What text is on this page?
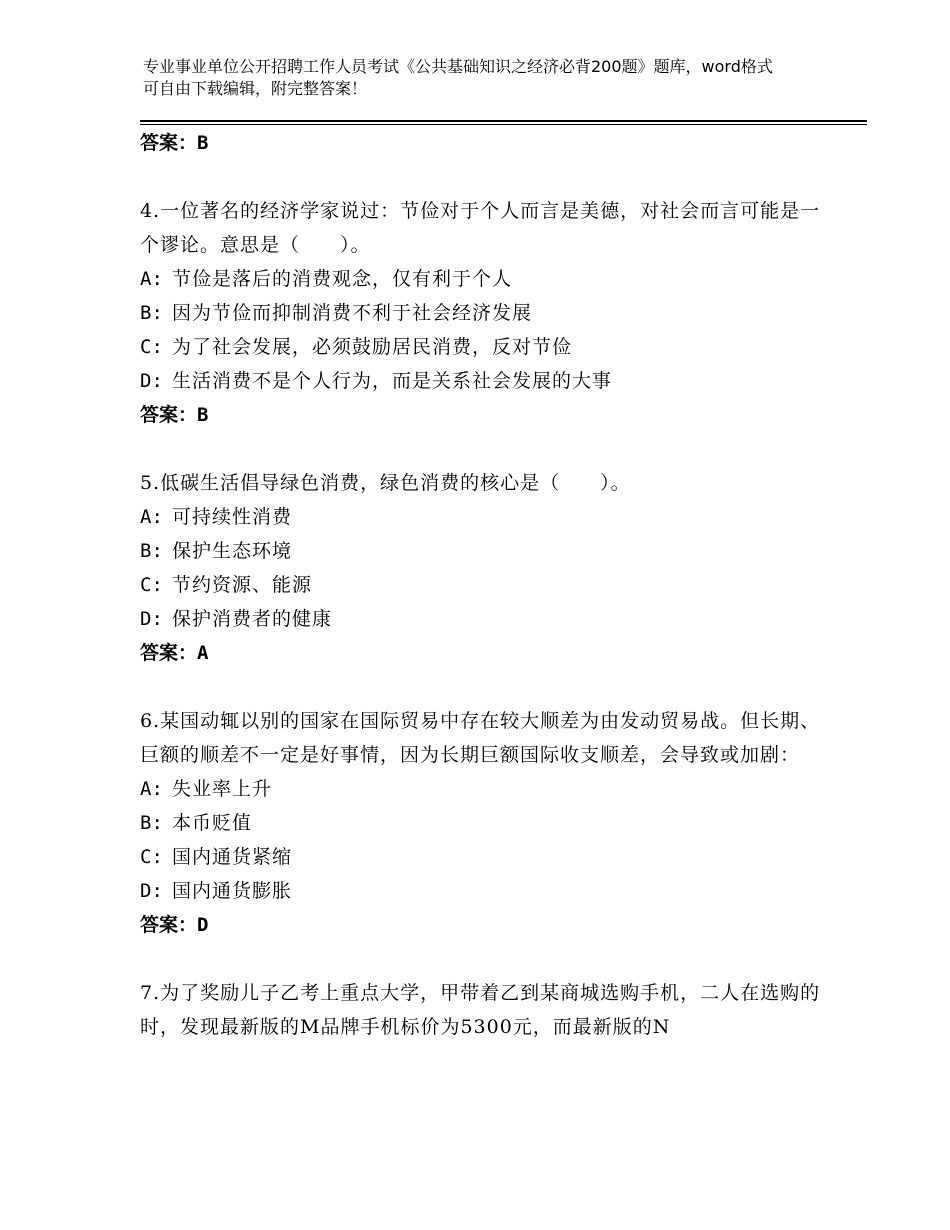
专业事业单位公开招聘工作人员考试《公共基础知识之经济必背200题》题库，word格式可自由下载编辑，附完整答案！

答案：B

4.一位著名的经济学家说过：节俭对于个人而言是美德，对社会而言可能是一个谬论。意思是（　　）。

A: 节俭是落后的消费观念，仅有利于个人

B: 因为节俭而抑制消费不利于社会经济发展

C: 为了社会发展，必须鼓励居民消费，反对节俭

D: 生活消费不是个人行为，而是关系社会发展的大事

答案：B

5.低碳生活倡导绿色消费，绿色消费的核心是（　　）。

A: 可持续性消费

B: 保护生态环境

C: 节约资源、能源

D: 保护消费者的健康

答案：A

6.某国动辄以别的国家在国际贸易中存在较大顺差为由发动贸易战。但长期、巨额的顺差不一定是好事情，因为长期巨额国际收支顺差，会导致或加剧：

A: 失业率上升

B: 本币贬值

C: 国内通货紧缩

D: 国内通货膨胀

答案：D

7.为了奖励儿子乙考上重点大学，甲带着乙到某商城选购手机，二人在选购的时，发现最新版的M品牌手机标价为5300元，而最新版的N
